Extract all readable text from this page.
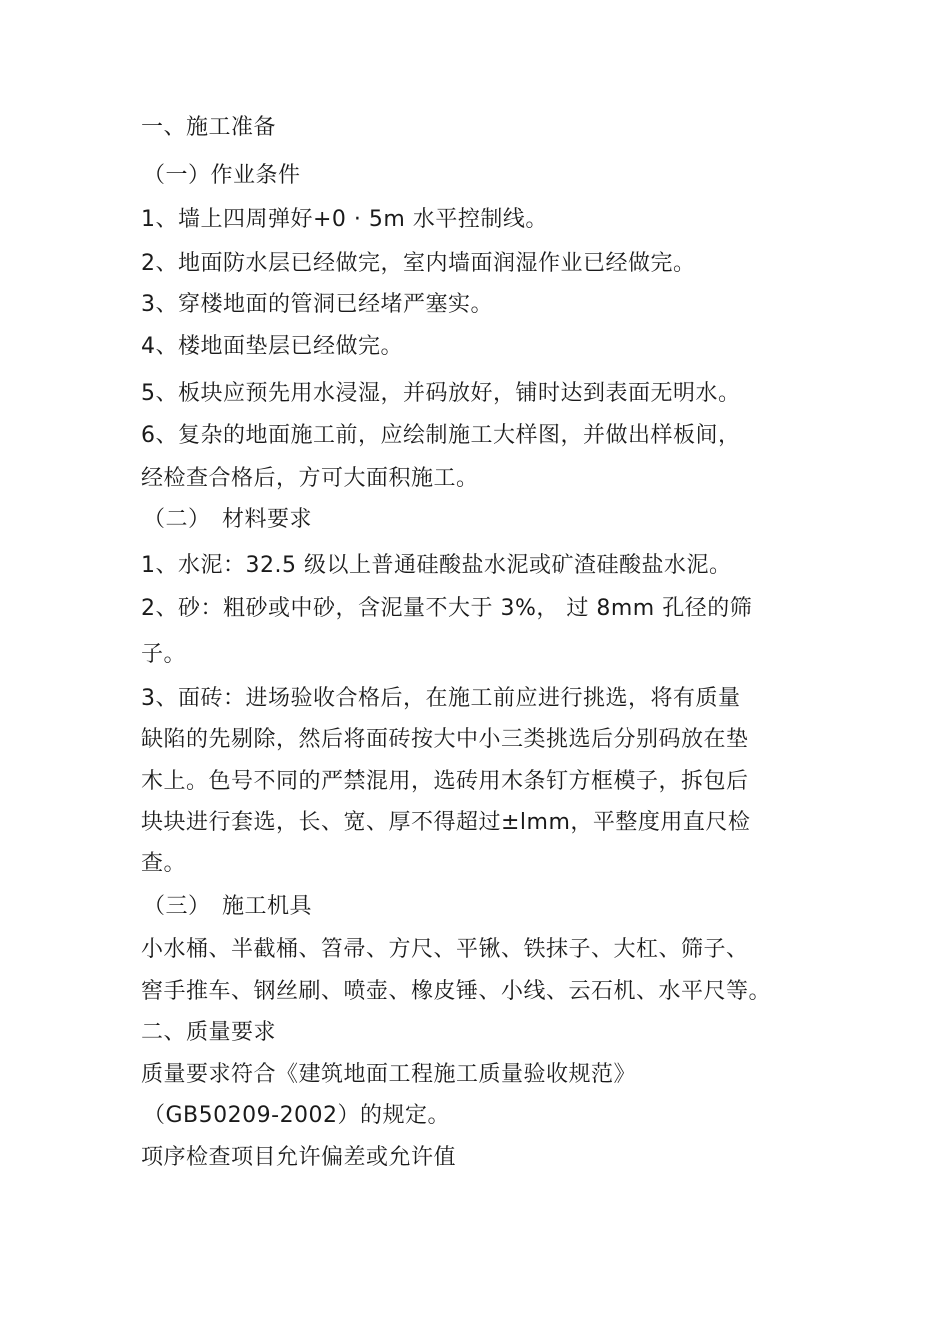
一、施工准备
（一）作业条件
1、墙上四周弹好+0 · 5m 水平控制线。
2、地面防水层已经做完，室内墙面润湿作业已经做完。
3、穿楼地面的管洞已经堵严塞实。
4、楼地面垫层已经做完。
5、板块应预先用水浸湿，并码放好，铺时达到表面无明水。
6、复杂的地面施工前，应绘制施工大样图，并做出样板间，
经检查合格后，方可大面积施工。
（二）　材料要求
1、水泥：32.5 级以上普通硅酸盐水泥或矿渣硅酸盐水泥。
2、砂：粗砂或中砂，含泥量不大于 3%， 过 8mm 孔径的筛
子。
3、面砖：进场验收合格后，在施工前应进行挑选，将有质量
缺陷的先剔除，然后将面砖按大中小三类挑选后分别码放在垫
木上。色号不同的严禁混用，选砖用木条钉方框模子，拆包后
块块进行套选，长、宽、厚不得超过±lmm，平整度用直尺检
查。
（三）　施工机具
小水桶、半截桶、笤帚、方尺、平锹、铁抹子、大杠、筛子、
窖手推车、钢丝刷、喷壶、橡皮锤、小线、云石机、水平尺等。
二、质量要求
质量要求符合《建筑地面工程施工质量验收规范》
（GB50209-2002）的规定。
项序检查项目允许偏差或允许值
